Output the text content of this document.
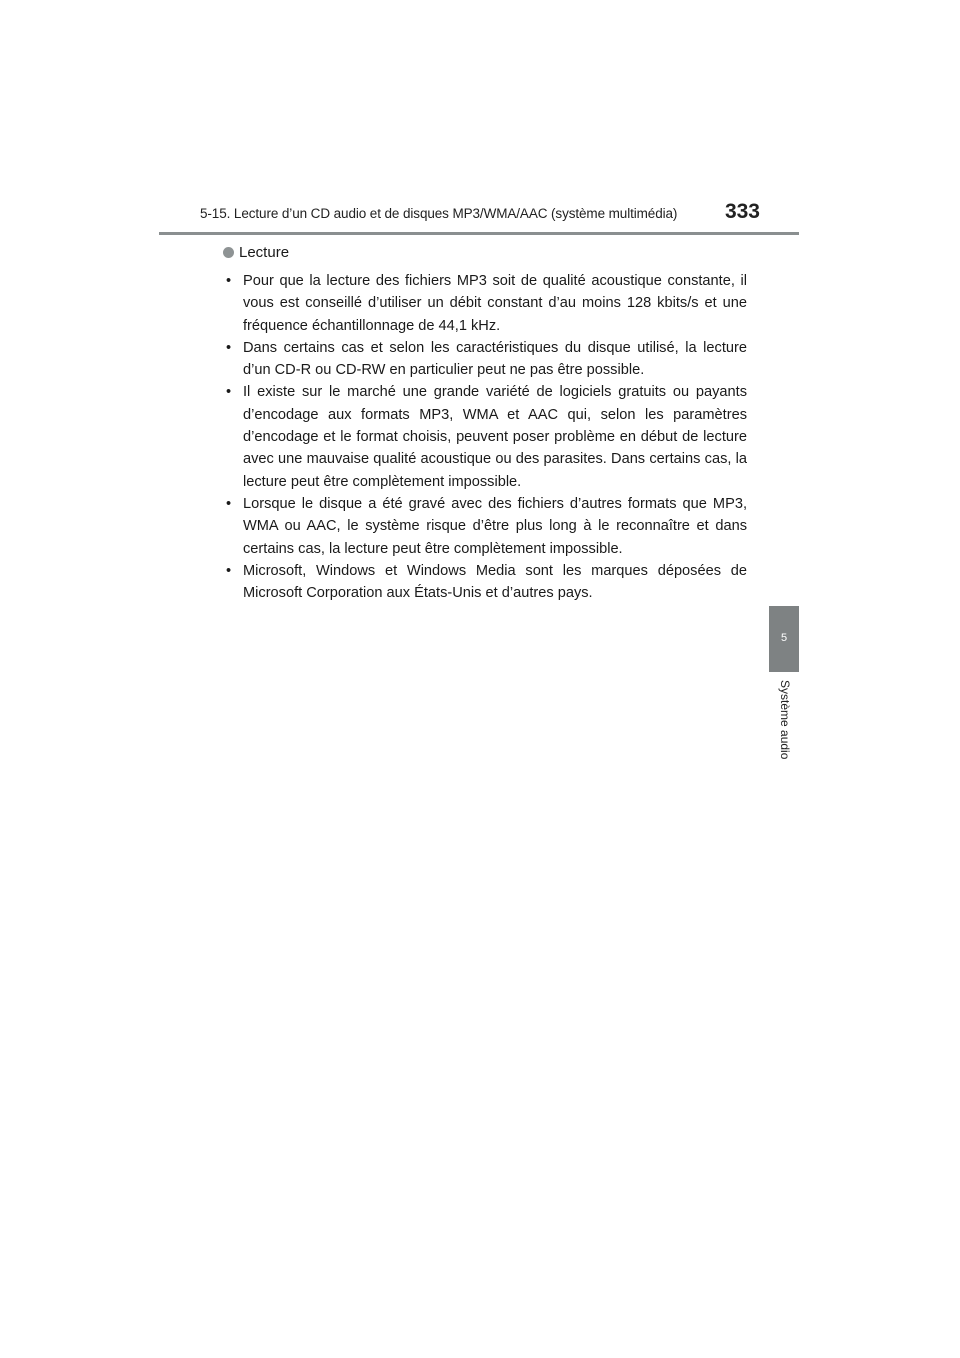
5-15. Lecture d’un CD audio et de disques MP3/WMA/AAC (système multimédia) 333
5
Système audio
Lecture
• Pour que la lecture des fichiers MP3 soit de qualité acoustique constante, il vous est conseillé d’utiliser un débit constant d’au moins 128 kbits/s et une fréquence échantillonnage de 44,1 kHz.
• Dans certains cas et selon les caractéristiques du disque utilisé, la lecture d’un CD-R ou CD-RW en particulier peut ne pas être possible.
• Il existe sur le marché une grande variété de logiciels gratuits ou payants d’encodage aux formats MP3, WMA et AAC qui, selon les paramètres d’encodage et le format choisis, peuvent poser problème en début de lecture avec une mauvaise qualité acoustique ou des parasites. Dans certains cas, la lecture peut être complètement impossible.
• Lorsque le disque a été gravé avec des fichiers d’autres formats que MP3, WMA ou AAC, le système risque d’être plus long à le reconnaître et dans certains cas, la lecture peut être complètement impossible.
• Microsoft, Windows et Windows Media sont les marques déposées de Microsoft Corporation aux États-Unis et d’autres pays.
